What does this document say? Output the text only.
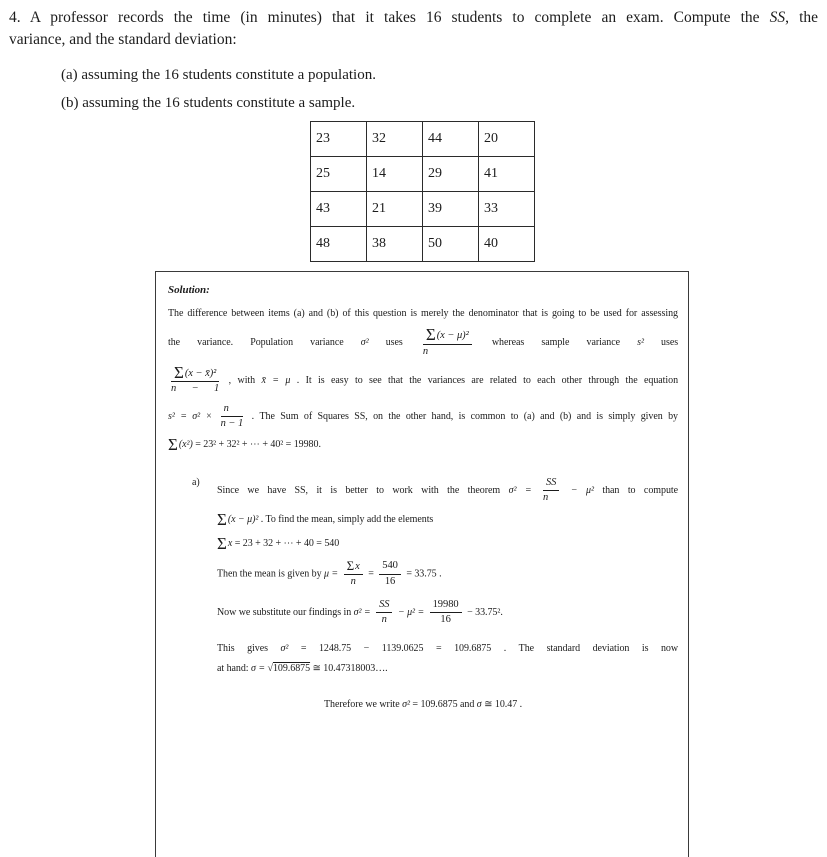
4. A professor records the time (in minutes) that it takes 16 students to complete an exam. Compute the SS, the
variance, and the standard deviation:

(a) assuming the 16 students constitute a population.

(b) assuming the 16 students constitute a sample.

23	32	44	20
25	14	29	41
43	21	39	33
48	38	50	40
Solution:
The difference between items (a) and (b) of this question is merely the denominator that is going to be used for assessing
the variance. Population variance σ² uses $\frac{\text{Σ(x − μ)²}}{n}$ whereas sample variance s² uses
$\frac{\text{Σ(x − x̄)²}}{n - 1}$ , with x̄ = μ . It is easy to see that the variances are related to each other through the equation
$s^2 = \sigma^2 \times \frac{n}{n - 1}$ . The Sum of Squares SS, on the other hand, is common to (a) and (b) and is simply given by
Σ(x²) = 23² + 32² + ⋯ + 40² = 19980.
a)
Since we have SS, it is better to work with the theorem $\sigma^2 = \frac{SS}{n} - \mu^2$ than to compute
Σ(x − μ)² . To find the mean, simply add the elements
Σx = 23 + 32 + ⋯ + 40 = 540
Then the mean is given by $\mu = \frac{\Sigma x}{n} = \frac{540}{16} = 33.75$ .
Now we substitute our findings in $\sigma^2 = \frac{SS}{n} - \mu^2 = \frac{19980}{16} - 33.75^2$.
This gives σ² = 1248.75 − 1139.0625 = 109.6875 . The standard deviation is now
at hand: σ = √109.6875 ≅ 10.47318003….
Therefore we write σ² = 109.6875 and σ ≅ 10.47 .
